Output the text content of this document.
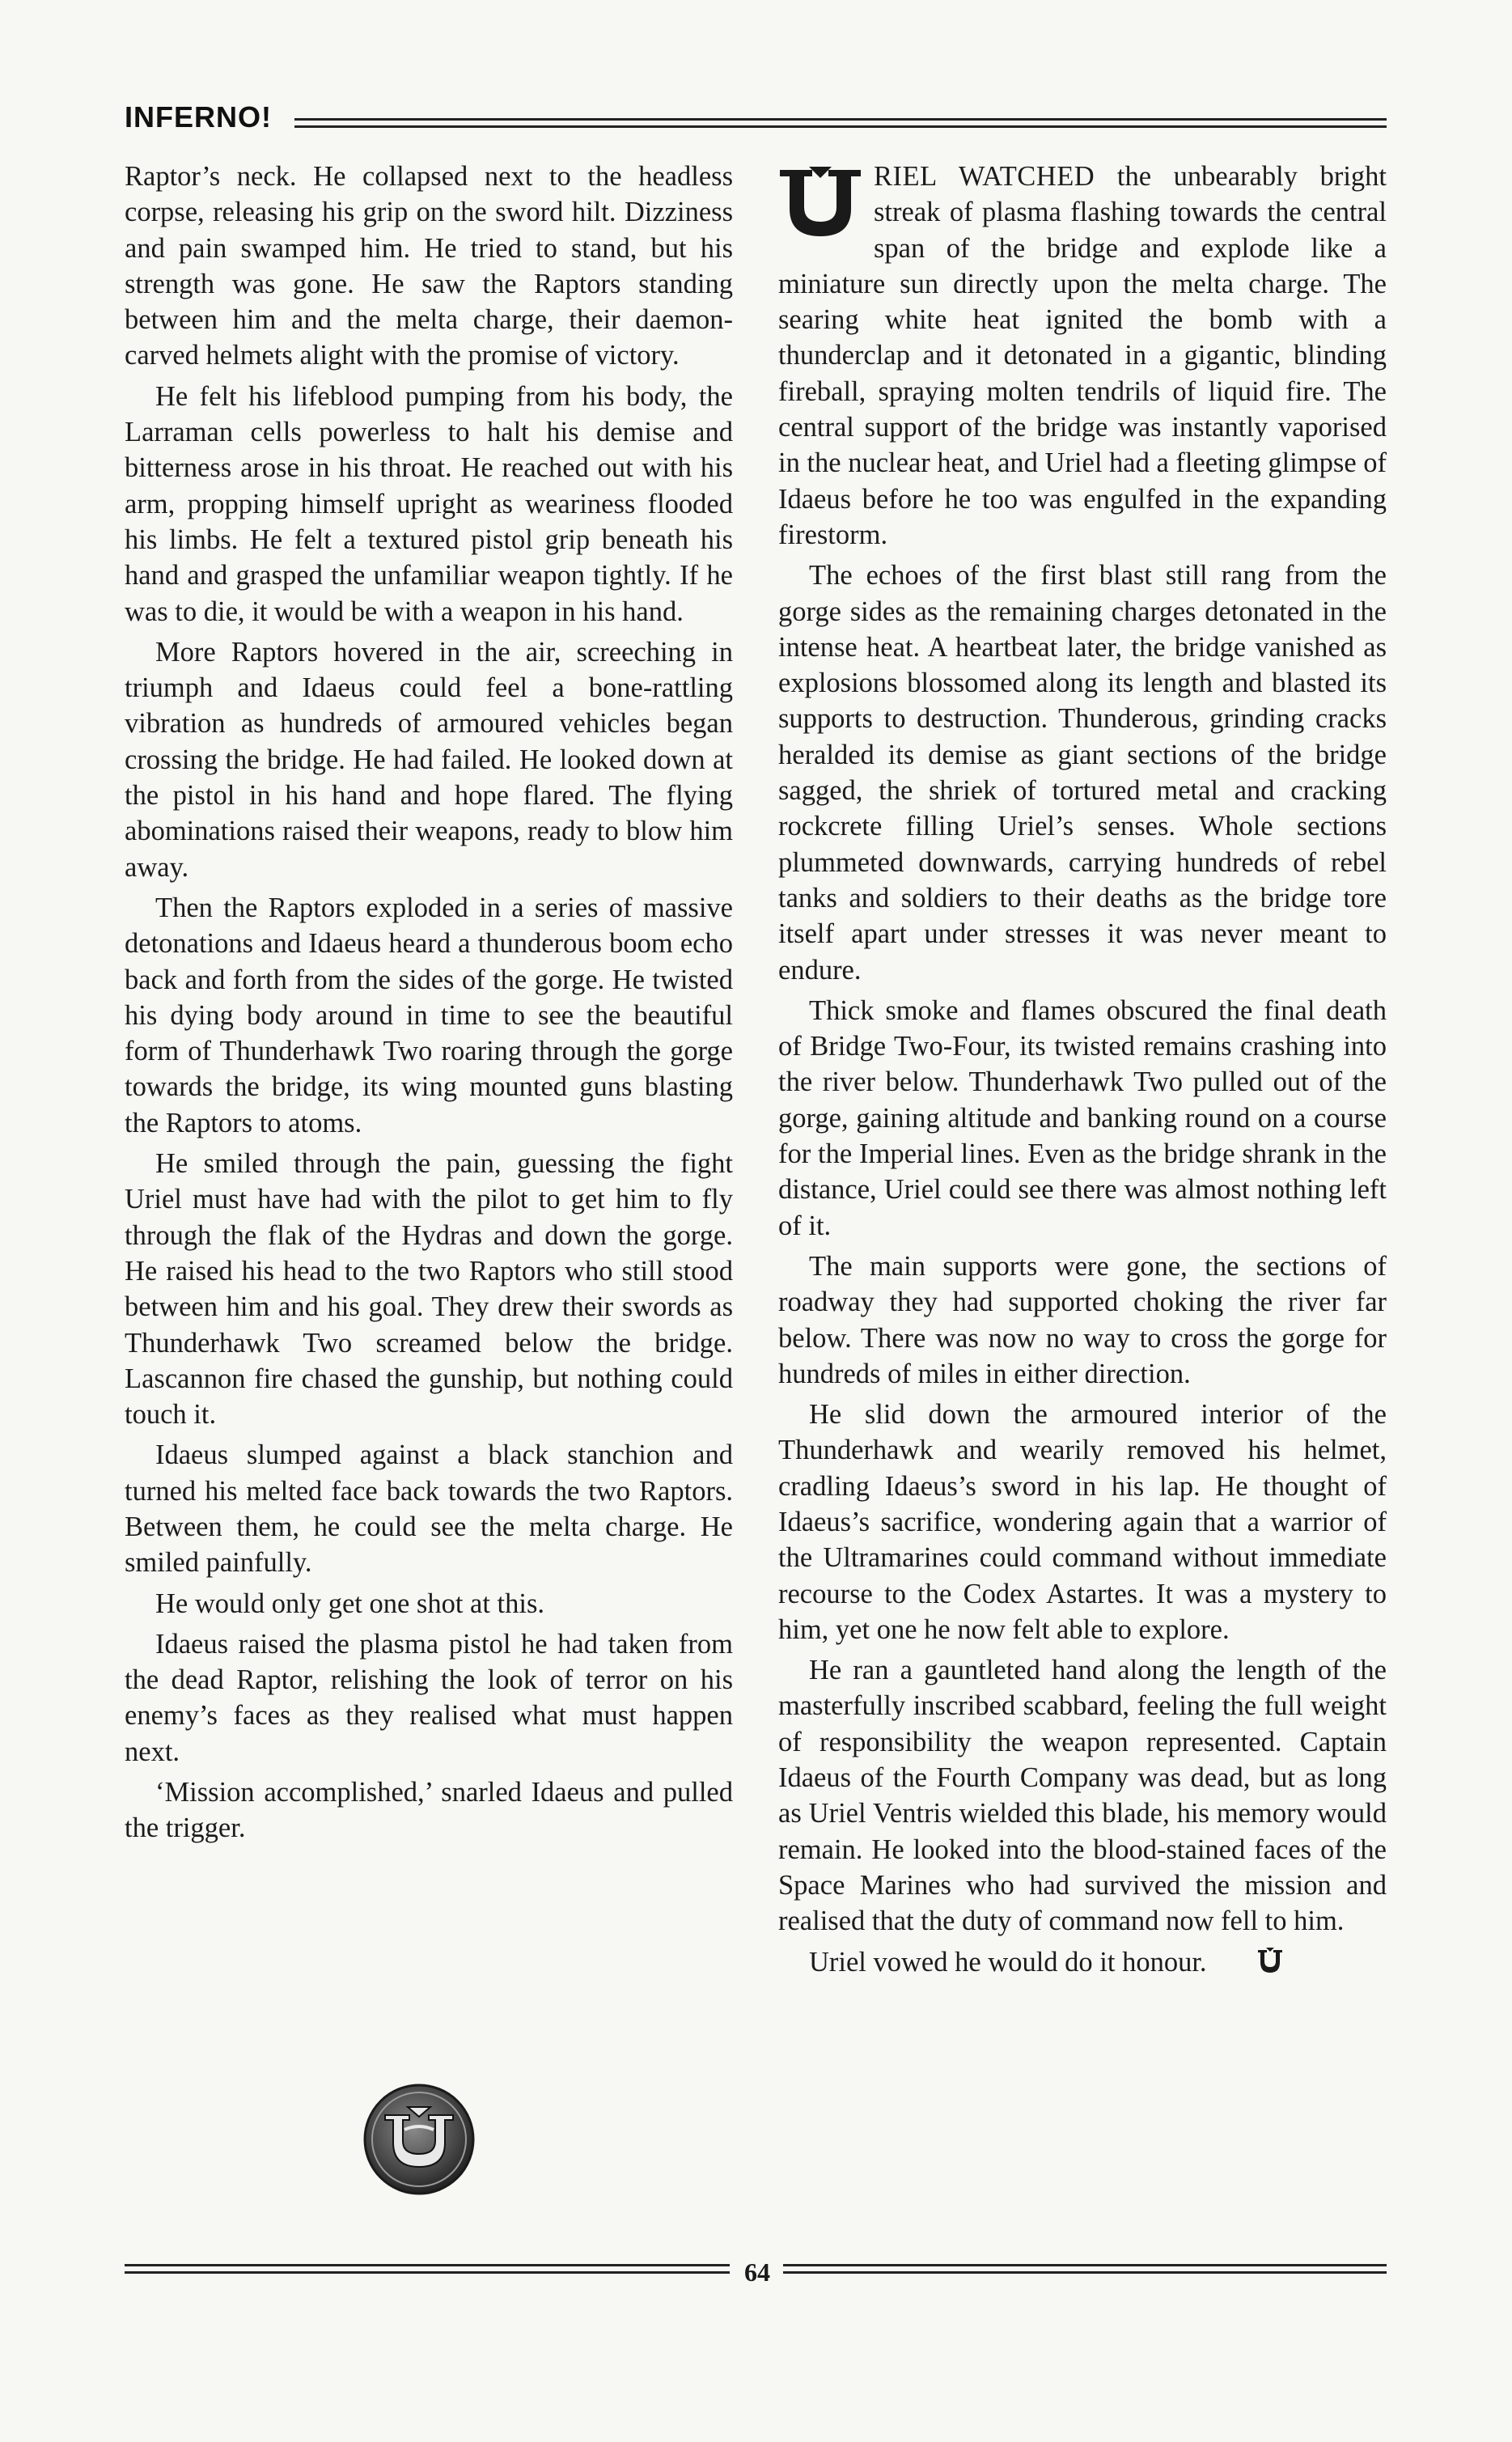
INFERNO!

Raptor’s neck. He collapsed next to the headless corpse, releasing his grip on the sword hilt. Dizziness and pain swamped him. He tried to stand, but his strength was gone. He saw the Raptors standing between him and the melta charge, their daemon-carved helmets alight with the promise of victory.

He felt his lifeblood pumping from his body, the Larraman cells powerless to halt his demise and bitterness arose in his throat. He reached out with his arm, propping himself upright as weariness flooded his limbs. He felt a textured pistol grip beneath his hand and grasped the unfamiliar weapon tightly. If he was to die, it would be with a weapon in his hand.

More Raptors hovered in the air, screeching in triumph and Idaeus could feel a bone-rattling vibration as hundreds of armoured vehicles began crossing the bridge. He had failed. He looked down at the pistol in his hand and hope flared. The flying abominations raised their weapons, ready to blow him away.

Then the Raptors exploded in a series of massive detonations and Idaeus heard a thunderous boom echo back and forth from the sides of the gorge. He twisted his dying body around in time to see the beautiful form of Thunderhawk Two roaring through the gorge towards the bridge, its wing mounted guns blasting the Raptors to atoms.

He smiled through the pain, guessing the fight Uriel must have had with the pilot to get him to fly through the flak of the Hydras and down the gorge. He raised his head to the two Raptors who still stood between him and his goal. They drew their swords as Thunderhawk Two screamed below the bridge. Lascannon fire chased the gunship, but nothing could touch it.

Idaeus slumped against a black stanchion and turned his melted face back towards the two Raptors. Between them, he could see the melta charge. He smiled painfully.

He would only get one shot at this.

Idaeus raised the plasma pistol he had taken from the dead Raptor, relishing the look of terror on his enemy’s faces as they realised what must happen next.

‘Mission accomplished,’ snarled Idaeus and pulled the trigger.

RIEL WATCHED the unbearably bright streak of plasma flashing towards the central span of the bridge and explode like a miniature sun directly upon the melta charge. The searing white heat ignited the bomb with a thunderclap and it detonated in a gigantic, blinding fireball, spraying molten tendrils of liquid fire. The central support of the bridge was instantly vaporised in the nuclear heat, and Uriel had a fleeting glimpse of Idaeus before he too was engulfed in the expanding firestorm.

The echoes of the first blast still rang from the gorge sides as the remaining charges detonated in the intense heat. A heartbeat later, the bridge vanished as explosions blossomed along its length and blasted its supports to destruction. Thunderous, grinding cracks heralded its demise as giant sections of the bridge sagged, the shriek of tortured metal and cracking rockcrete filling Uriel’s senses. Whole sections plummeted downwards, carrying hundreds of rebel tanks and soldiers to their deaths as the bridge tore itself apart under stresses it was never meant to endure.

Thick smoke and flames obscured the final death of Bridge Two-Four, its twisted remains crashing into the river below. Thunderhawk Two pulled out of the gorge, gaining altitude and banking round on a course for the Imperial lines. Even as the bridge shrank in the distance, Uriel could see there was almost nothing left of it.

The main supports were gone, the sections of roadway they had supported choking the river far below. There was now no way to cross the gorge for hundreds of miles in either direction.

He slid down the armoured interior of the Thunderhawk and wearily removed his helmet, cradling Idaeus’s sword in his lap. He thought of Idaeus’s sacrifice, wondering again that a warrior of the Ultramarines could command without immediate recourse to the Codex Astartes. It was a mystery to him, yet one he now felt able to explore.

He ran a gauntleted hand along the length of the masterfully inscribed scabbard, feeling the full weight of responsibility the weapon represented. Captain Idaeus of the Fourth Company was dead, but as long as Uriel Ventris wielded this blade, his memory would remain. He looked into the blood-stained faces of the Space Marines who had survived the mission and realised that the duty of command now fell to him.

Uriel vowed he would do it honour.

64
